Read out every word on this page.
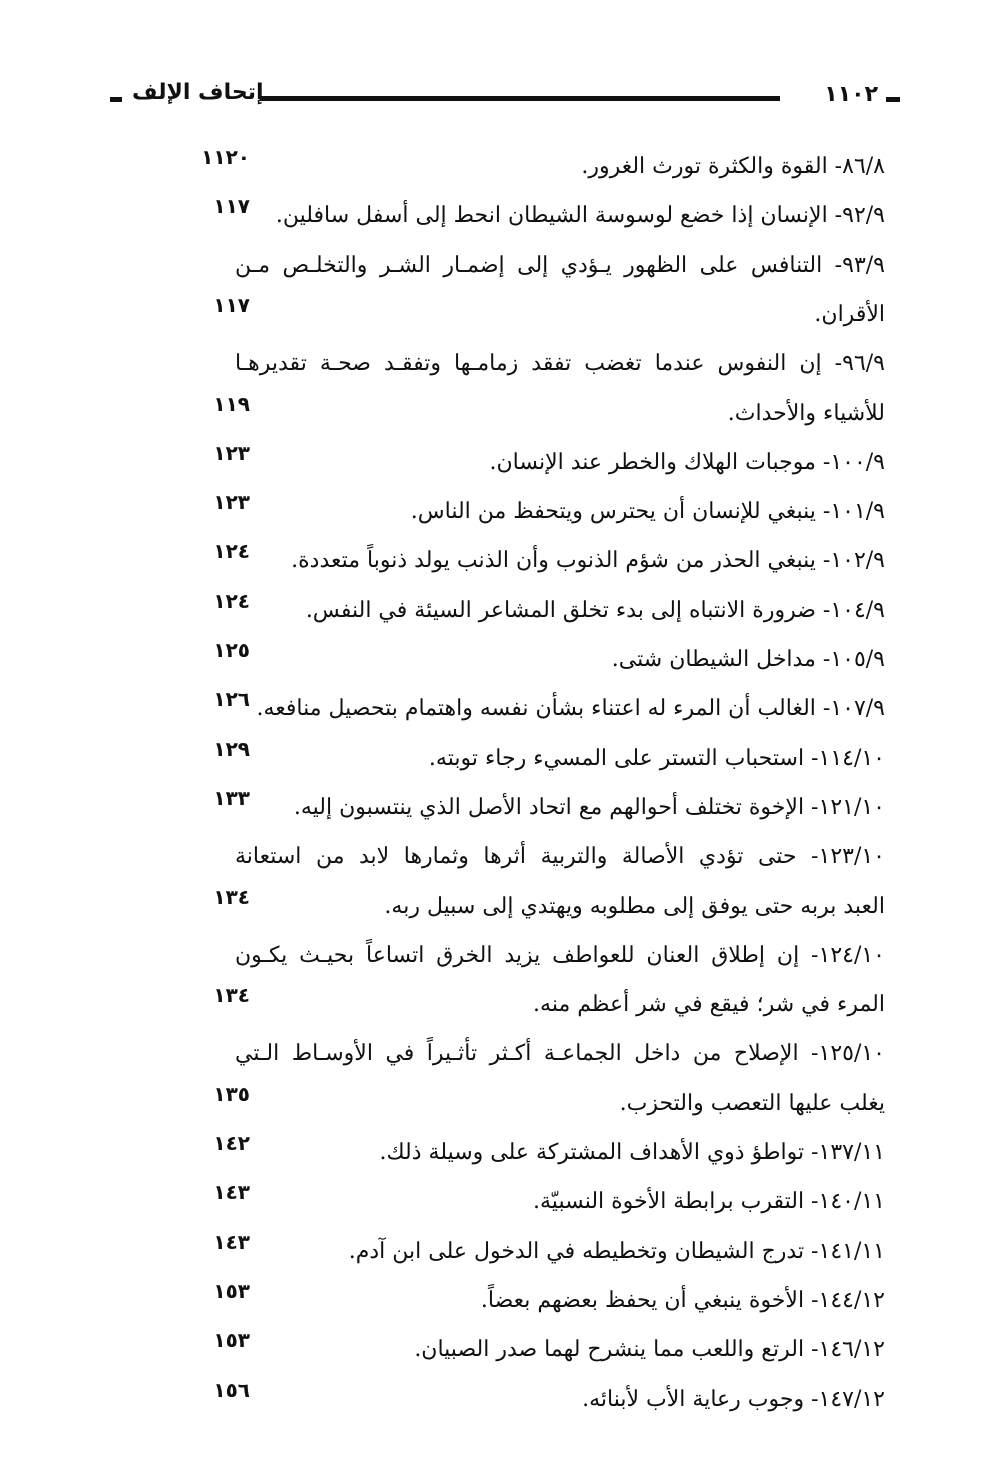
١١٠٢
إتحاف الإلف
٨٦/٨- القوة والكثرة تورث الغرور.
١١٢٠
٩٢/٩- الإنسان إذا خضع لوسوسة الشيطان انحط إلى أسفل سافلين.
١١٧
٩٣/٩- التنافس على الظهور يـؤدي إلى إضمـار الشـر والتخلـص مـن
الأقران.
١١٧
٩٦/٩- إن النفوس عندما تغضب تفقد زمامـها وتفقـد صحـة تقديرهـا
للأشياء والأحداث.
١١٩
١٠٠/٩- موجبات الهلاك والخطر عند الإنسان.
١٢٣
١٠١/٩- ينبغي للإنسان أن يحترس ويتحفظ من الناس.
١٢٣
١٠٢/٩- ينبغي الحذر من شؤم الذنوب وأن الذنب يولد ذنوباً متعددة.
١٢٤
١٠٤/٩- ضرورة الانتباه إلى بدء تخلق المشاعر السيئة في النفس.
١٢٤
١٠٥/٩- مداخل الشيطان شتى.
١٢٥
١٠٧/٩- الغالب أن المرء له اعتناء بشأن نفسه واهتمام بتحصيل منافعه.
١٢٦
١١٤/١٠- استحباب التستر على المسيء رجاء توبته.
١٢٩
١٢١/١٠- الإخوة تختلف أحوالهم مع اتحاد الأصل الذي ينتسبون إليه.
١٣٣
١٢٣/١٠- حتى تؤدي الأصالة والتربية أثرها وثمارها لابد من استعانة
العبد بربه حتى يوفق إلى مطلوبه ويهتدي إلى سبيل ربه.
١٣٤
١٢٤/١٠- إن إطلاق العنان للعواطف يزيد الخرق اتساعاً بحيـث يكـون
المرء في شر؛ فيقع في شر أعظم منه.
١٣٤
١٢٥/١٠- الإصلاح من داخل الجماعـة أكـثر تأثـيراً في الأوسـاط الـتي
يغلب عليها التعصب والتحزب.
١٣٥
١٣٧/١١- تواطؤ ذوي الأهداف المشتركة على وسيلة ذلك.
١٤٢
١٤٠/١١- التقرب برابطة الأخوة النسبيّة.
١٤٣
١٤١/١١- تدرج الشيطان وتخطيطه في الدخول على ابن آدم.
١٤٣
١٤٤/١٢- الأخوة ينبغي أن يحفظ بعضهم بعضاً.
١٥٣
١٤٦/١٢- الرتع واللعب مما ينشرح لهما صدر الصبيان.
١٥٣
١٤٧/١٢- وجوب رعاية الأب لأبنائه.
١٥٦
